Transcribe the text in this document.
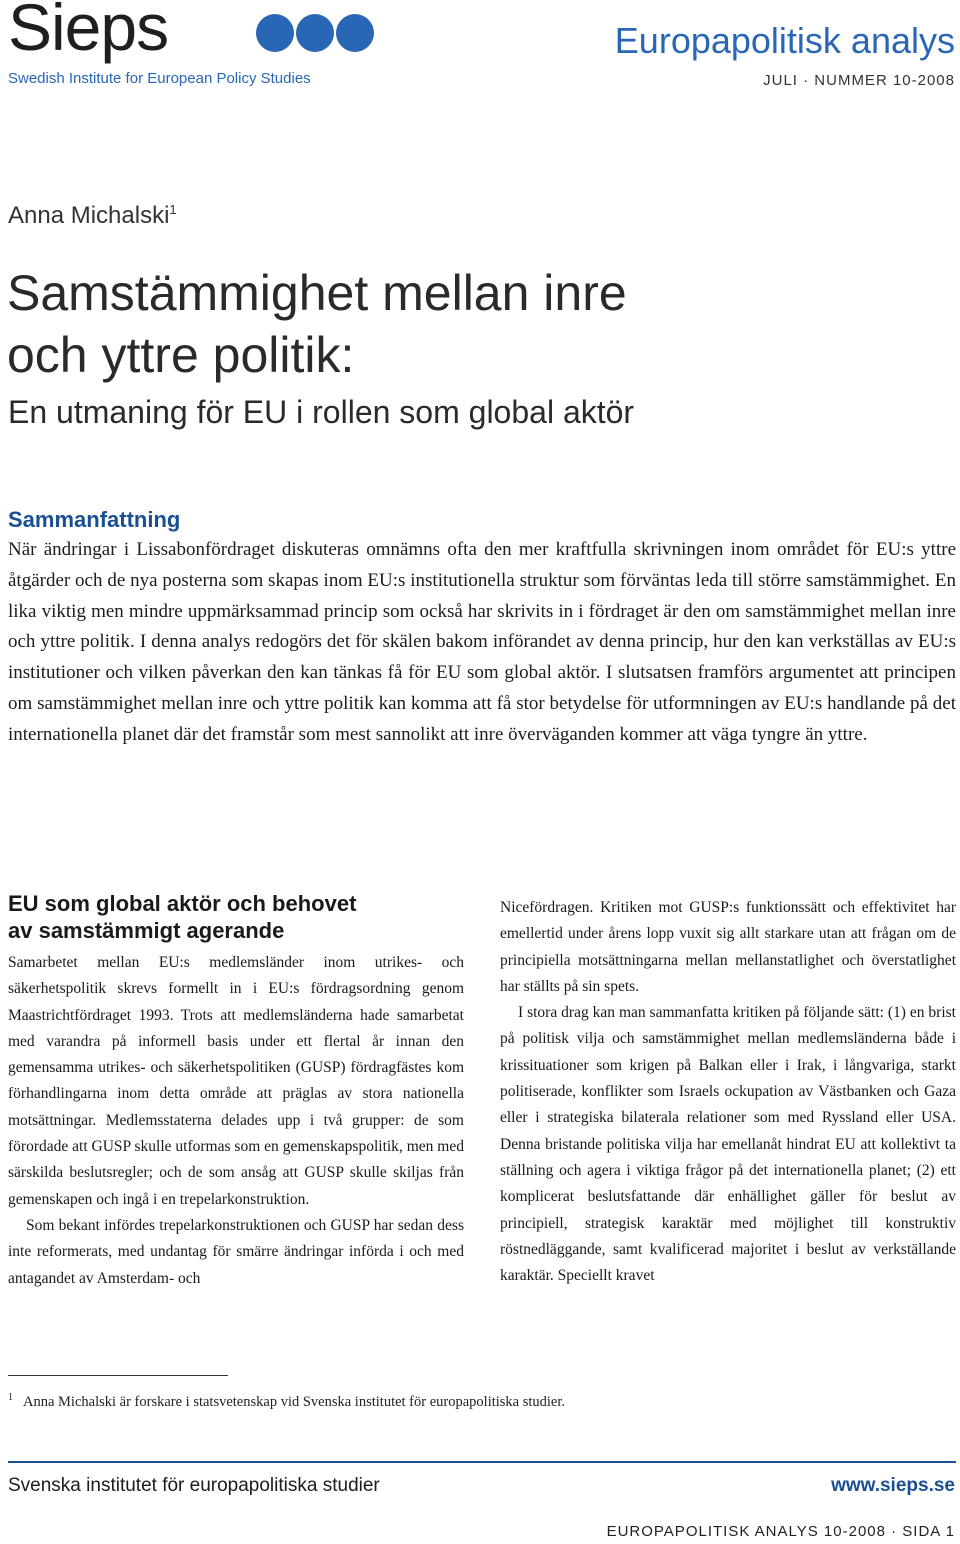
Sieps
Swedish Institute for European Policy Studies
Europapolitisk analys
JULI · NUMMER 10-2008
Anna Michalski$^1$
Samstämmighet mellan inre
och yttre politik:
En utmaning för EU i rollen som global aktör
Sammanfattning

När ändringar i Lissabonfördraget diskuteras omnämns ofta den mer kraftfulla skrivningen inom området för EU:s yttre åtgärder och de nya posterna som skapas inom EU:s institutionella struktur som förväntas leda till större samstämmighet. En lika viktig men mindre uppmärksammad princip som också har skrivits in i fördraget är den om samstämmighet mellan inre och yttre politik. I denna analys redogörs det för skälen bakom införandet av denna princip, hur den kan verkställas av EU:s institutioner och vilken påverkan den kan tänkas få för EU som global aktör. I slutsatsen framförs argumentet att principen om samstämmighet mellan inre och yttre politik kan komma att få stor betydelse för utformningen av EU:s handlande på det internationella planet där det framstår som mest sannolikt att inre överväganden kommer att väga tyngre än yttre.

EU som global aktör och behovet
av samstämmigt agerande

Samarbetet mellan EU:s medlemsländer inom utrikes- och säkerhetspolitik skrevs formellt in i EU:s fördragsordning genom Maastrichtfördraget 1993. Trots att medlemsländerna hade samarbetat med varandra på informell basis under ett flertal år innan den gemensamma utrikes- och säkerhetspolitiken (GUSP) fördragfästes kom förhandlingarna inom detta område att präglas av stora nationella motsättningar. Medlemsstaterna delades upp i två grupper: de som förordade att GUSP skulle utformas som en gemenskapspolitik, men med särskilda beslutsregler; och de som ansåg att GUSP skulle skiljas från gemenskapen och ingå i en trepelarkonstruktion.

Som bekant infördes trepelarkonstruktionen och GUSP har sedan dess inte reformerats, med undantag för smärre ändringar införda i och med antagandet av Amsterdam- och

Nicefördragen. Kritiken mot GUSP:s funktionssätt och effektivitet har emellertid under årens lopp vuxit sig allt starkare utan att frågan om de principiella motsättningarna mellan mellanstatlighet och överstatlighet har ställts på sin spets.

I stora drag kan man sammanfatta kritiken på följande sätt: (1) en brist på politisk vilja och samstämmighet mellan medlemsländerna både i krissituationer som krigen på Balkan eller i Irak, i långvariga, starkt politiserade, konflikter som Israels ockupation av Västbanken och Gaza eller i strategiska bilaterala relationer som med Ryssland eller USA. Denna bristande politiska vilja har emellanåt hindrat EU att kollektivt ta ställning och agera i viktiga frågor på det internationella planet; (2) ett komplicerat beslutsfattande där enhällighet gäller för beslut av principiell, strategisk karaktär med möjlighet till konstruktiv röstnedläggande, samt kvalificerad majoritet i beslut av verkställande karaktär. Speciellt kravet

$^1$ Anna Michalski är forskare i statsvetenskap vid Svenska institutet för europapolitiska studier.
Svenska institutet för europapolitiska studier	www.sieps.se
EUROPAPOLITISK ANALYS 10-2008 · SIDA 1
